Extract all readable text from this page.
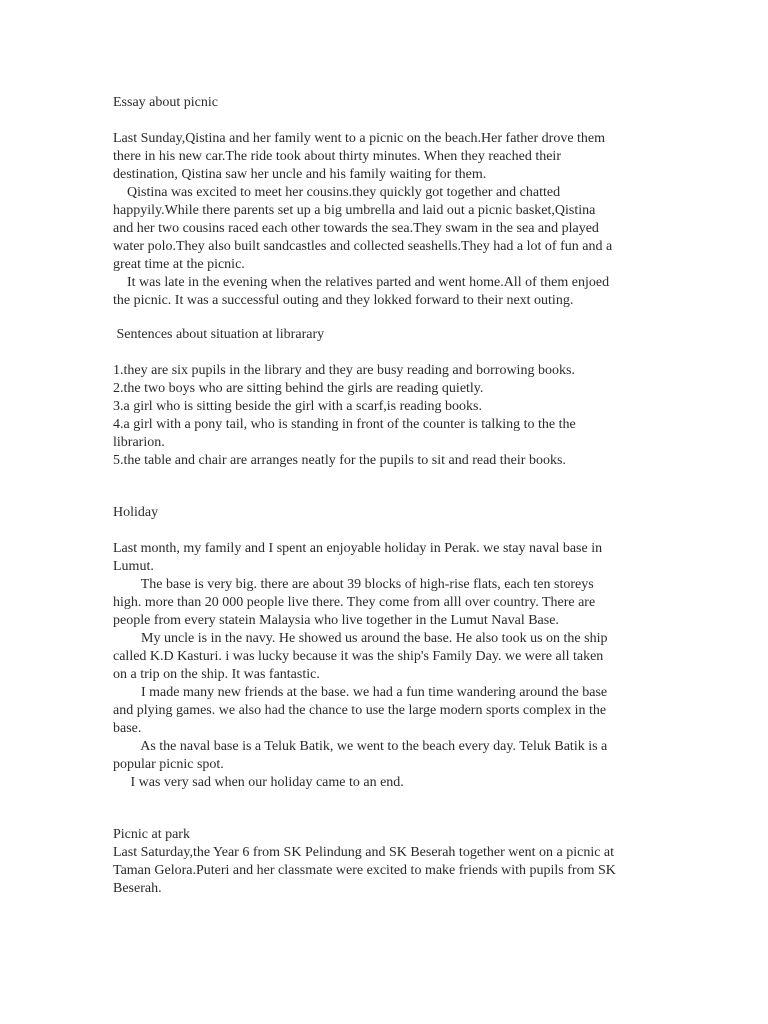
Essay about picnic
Last Sunday,Qistina and her family went to a picnic on the beach.Her father drove them
there in his new car.The ride took about thirty minutes. When they reached their
destination, Qistina saw her uncle and his family waiting for them.
Qistina was excited to meet her cousins.they quickly got together and chatted
happyily.While there parents set up a big umbrella and laid out a picnic basket,Qistina
and her two cousins raced each other towards the sea.They swam in the sea and played
water polo.They also built sandcastles and collected seashells.They had a lot of fun and a
great time at the picnic.
It was late in the evening when the relatives parted and went home.All of them enjoed
the picnic. It was a successful outing and they lokked forward to their next outing.
Sentences about situation at librarary
1.they are six pupils in the library and they are busy reading and borrowing books.
2.the two boys who are sitting behind the girls are reading quietly.
3.a girl who is sitting beside the girl with a scarf,is reading books.
4.a girl with a pony tail, who is standing in front of the counter is talking to the the
librarion.
5.the table and chair are arranges neatly for the pupils to sit and read their books.
Holiday
Last month, my family and I spent an enjoyable holiday in Perak. we stay naval base in
Lumut.
The base is very big. there are about 39 blocks of high-rise flats, each ten storeys
high. more than 20 000 people live there. They come from alll over country. There are
people from every statein Malaysia who live together in the Lumut Naval Base.
My uncle is in the navy. He showed us around the base. He also took us on the ship
called K.D Kasturi. i was lucky because it was the ship's Family Day. we were all taken
on a trip on the ship. It was fantastic.
I made many new friends at the base. we had a fun time wandering around the base
and plying games. we also had the chance to use the large modern sports complex in the
base.
As the naval base is a Teluk Batik, we went to the beach every day. Teluk Batik is a
popular picnic spot.
I was very sad when our holiday came to an end.
Picnic at park
Last Saturday,the Year 6 from SK Pelindung and SK Beserah together went on a picnic at
Taman Gelora.Puteri and her classmate were excited to make friends with pupils from SK
Beserah.
